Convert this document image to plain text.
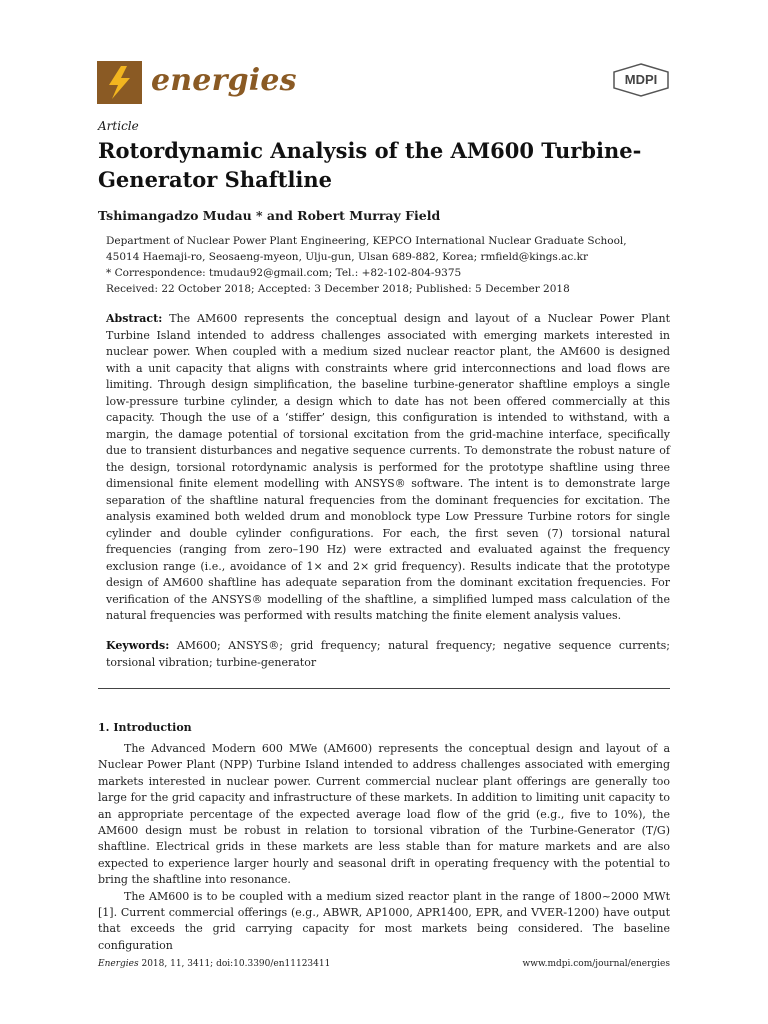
energies	MDPI
Article
Rotordynamic Analysis of the AM600 Turbine-Generator Shaftline
Tshimangadzo Mudau * and Robert Murray Field
Department of Nuclear Power Plant Engineering, KEPCO International Nuclear Graduate School,
45014 Haemaji-ro, Seosaeng-myeon, Ulju-gun, Ulsan 689-882, Korea; rmfield@kings.ac.kr
* Correspondence: tmudau92@gmail.com; Tel.: +82-102-804-9375
Received: 22 October 2018; Accepted: 3 December 2018; Published: 5 December 2018
Abstract: The AM600 represents the conceptual design and layout of a Nuclear Power Plant Turbine Island intended to address challenges associated with emerging markets interested in nuclear power. When coupled with a medium sized nuclear reactor plant, the AM600 is designed with a unit capacity that aligns with constraints where grid interconnections and load flows are limiting. Through design simplification, the baseline turbine-generator shaftline employs a single low-pressure turbine cylinder, a design which to date has not been offered commercially at this capacity. Though the use of a ‘stiffer’ design, this configuration is intended to withstand, with a margin, the damage potential of torsional excitation from the grid-machine interface, specifically due to transient disturbances and negative sequence currents. To demonstrate the robust nature of the design, torsional rotordynamic analysis is performed for the prototype shaftline using three dimensional finite element modelling with ANSYS® software. The intent is to demonstrate large separation of the shaftline natural frequencies from the dominant frequencies for excitation. The analysis examined both welded drum and monoblock type Low Pressure Turbine rotors for single cylinder and double cylinder configurations. For each, the first seven (7) torsional natural frequencies (ranging from zero–190 Hz) were extracted and evaluated against the frequency exclusion range (i.e., avoidance of 1× and 2× grid frequency). Results indicate that the prototype design of AM600 shaftline has adequate separation from the dominant excitation frequencies. For verification of the ANSYS® modelling of the shaftline, a simplified lumped mass calculation of the natural frequencies was performed with results matching the finite element analysis values.
Keywords: AM600; ANSYS®; grid frequency; natural frequency; negative sequence currents; torsional vibration; turbine-generator
1. Introduction

The Advanced Modern 600 MWe (AM600) represents the conceptual design and layout of a Nuclear Power Plant (NPP) Turbine Island intended to address challenges associated with emerging markets interested in nuclear power. Current commercial nuclear plant offerings are generally too large for the grid capacity and infrastructure of these markets. In addition to limiting unit capacity to an appropriate percentage of the expected average load flow of the grid (e.g., five to 10%), the AM600 design must be robust in relation to torsional vibration of the Turbine-Generator (T/G) shaftline. Electrical grids in these markets are less stable than for mature markets and are also expected to experience larger hourly and seasonal drift in operating frequency with the potential to bring the shaftline into resonance.

The AM600 is to be coupled with a medium sized reactor plant in the range of 1800~2000 MWt [1]. Current commercial offerings (e.g., ABWR, AP1000, APR1400, EPR, and VVER-1200) have output that exceeds the grid carrying capacity for most markets being considered. The baseline configuration

Energies 2018, 11, 3411; doi:10.3390/en11123411	www.mdpi.com/journal/energies
